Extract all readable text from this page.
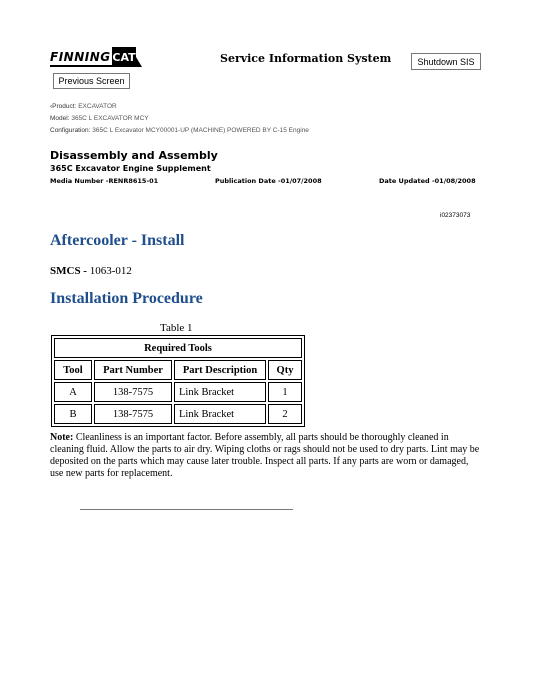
FINNING CAT	Service Information System	Shutdown SIS
Previous Screen
‹Product: EXCAVATOR
Model: 365C L EXCAVATOR MCY
Configuration: 365C L Excavator MCY00001-UP (MACHINE) POWERED BY C-15 Engine
Disassembly and Assembly
365C Excavator Engine Supplement
Media Number -RENR8615-01	Publication Date -01/07/2008	Date Updated -01/08/2008
i02373073
Aftercooler - Install
SMCS - 1063-012
Installation Procedure
Table 1
Required Tools			
Tool	Part Number	Part Description	Qty
A	138-7575	Link Bracket	1
B	138-7575	Link Bracket	2
Note: Cleanliness is an important factor. Before assembly, all parts should be thoroughly cleaned in cleaning fluid. Allow the parts to air dry. Wiping cloths or rags should not be used to dry parts. Lint may be deposited on the parts which may cause later trouble. Inspect all parts. If any parts are worn or damaged, use new parts for replacement.
